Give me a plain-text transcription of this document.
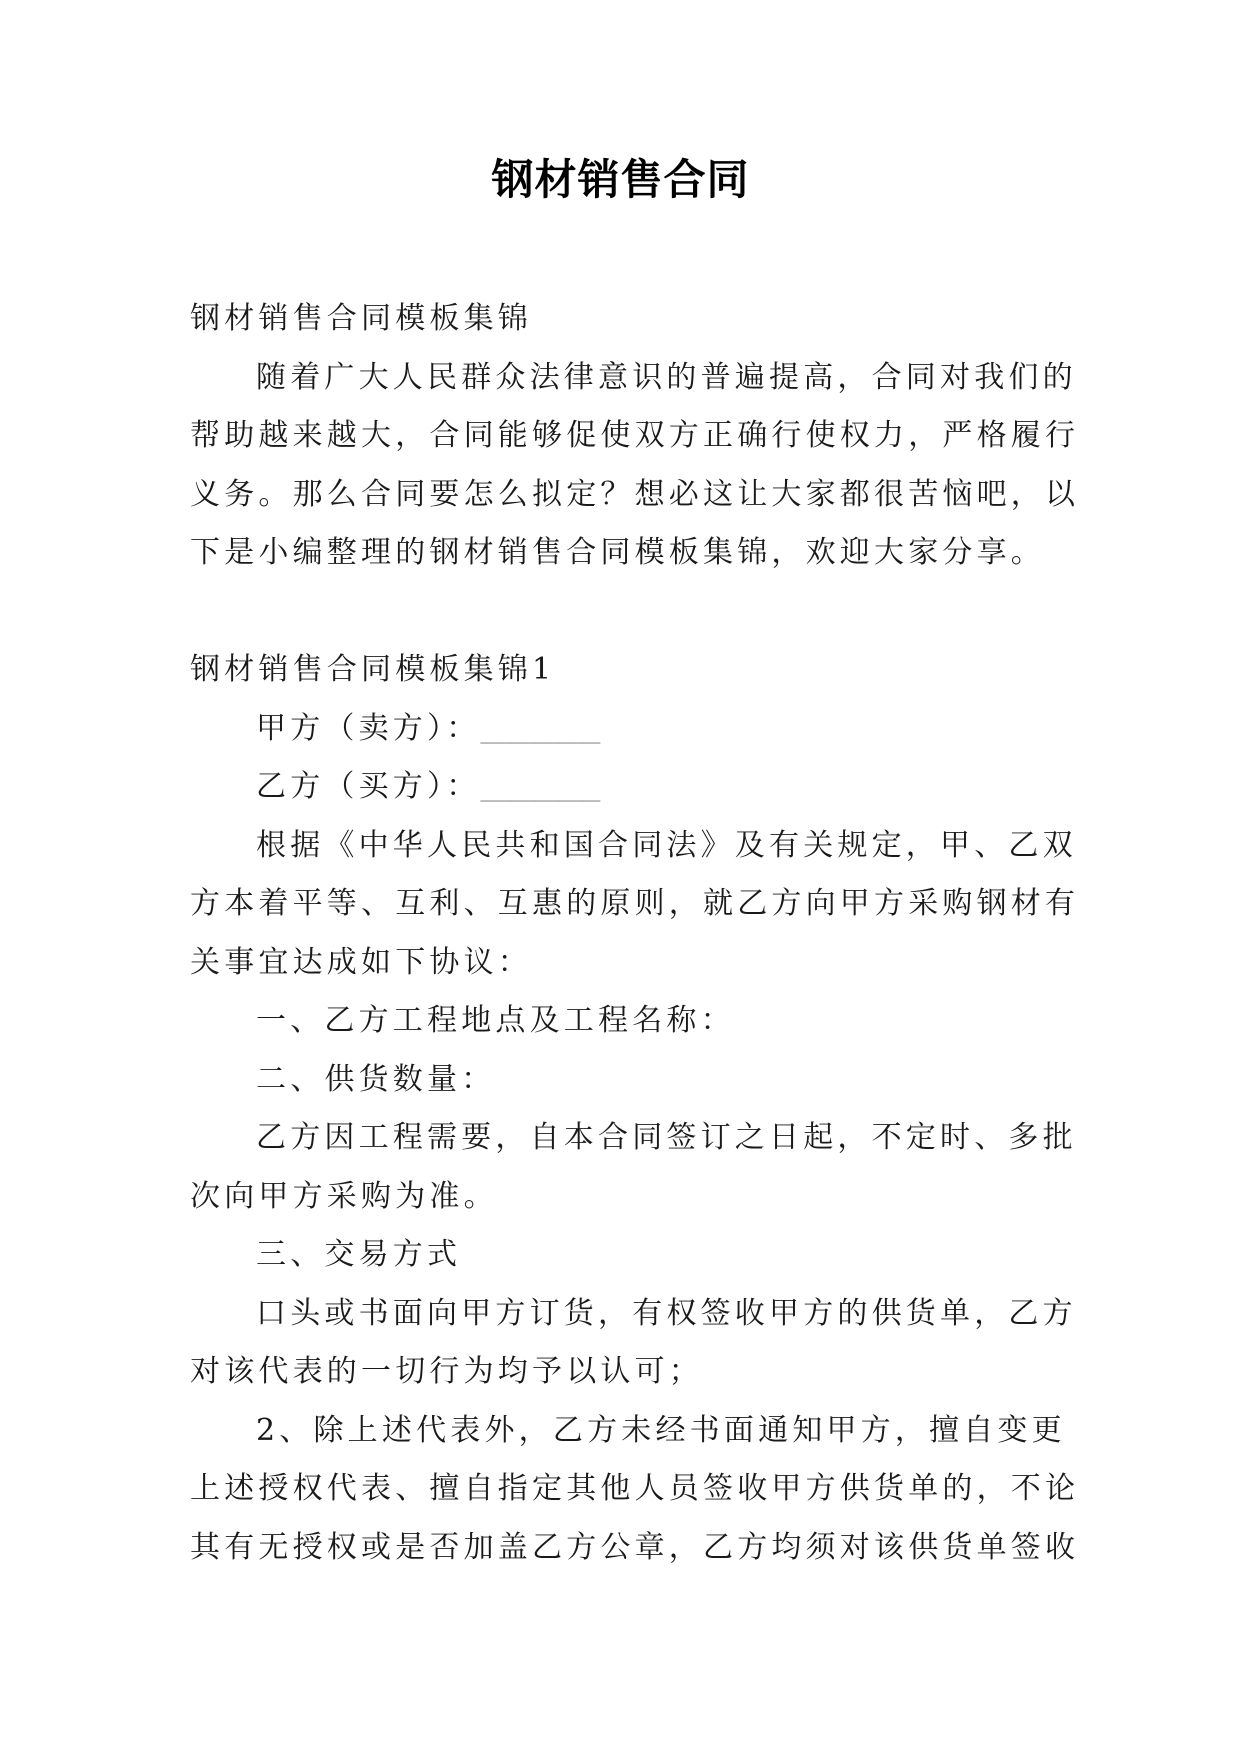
钢材销售合同
钢材销售合同模板集锦
随着广大人民群众法律意识的普遍提高，合同对我们的
帮助越来越大，合同能够促使双方正确行使权力，严格履行
义务。那么合同要怎么拟定？想必这让大家都很苦恼吧，以
下是小编整理的钢材销售合同模板集锦，欢迎大家分享。
钢材销售合同模板集锦1
甲方（卖方）：__________
乙方（买方）：__________
根据《中华人民共和国合同法》及有关规定，甲、乙双
方本着平等、互利、互惠的原则，就乙方向甲方采购钢材有
关事宜达成如下协议：
一、乙方工程地点及工程名称：
二、供货数量：
乙方因工程需要，自本合同签订之日起，不定时、多批
次向甲方采购为准。
三、交易方式
口头或书面向甲方订货，有权签收甲方的供货单，乙方
对该代表的一切行为均予以认可；
2、除上述代表外，乙方未经书面通知甲方，擅自变更
上述授权代表、擅自指定其他人员签收甲方供货单的，不论
其有无授权或是否加盖乙方公章，乙方均须对该供货单签收
